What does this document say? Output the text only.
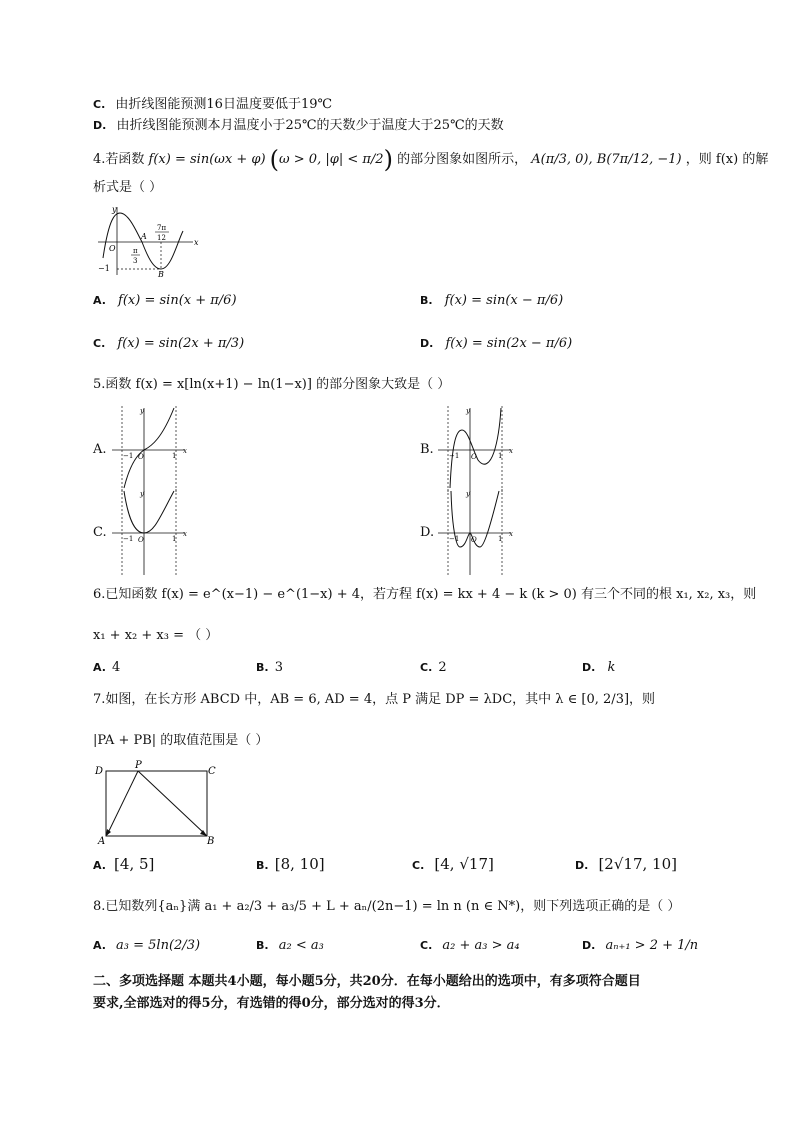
C. 由折线图能预测16日温度要低于19℃
D. 由折线图能预测本月温度小于25℃的天数少于温度大于25℃的天数
4.若函数 f(x) = sin(ωx + φ) (ω > 0, |φ| < π/2) 的部分图象如图所示， A(π/3, 0), B(7π/12, −1) ，则 f(x) 的解
析式是（ ）
y
x
O
A
B
−1
π
3
7π
12
A. f(x) = sin(x + π/6)	B. f(x) = sin(x − π/6)
C. f(x) = sin(2x + π/3)	D. f(x) = sin(2x − π/6)
5.函数 f(x) = x[ln(x+1) − ln(1−x)] 的部分图象大致是（ ）
A.
y
x
O
−1	1	B.
y
x
O
−1	1
C.
y
x
O
−1	1	D.
y
x
O
−1	1
6.已知函数 f(x) = e^(x−1) − e^(1−x) + 4，若方程 f(x) = kx + 4 − k (k > 0) 有三个不同的根 x₁, x₂, x₃，则
x₁ + x₂ + x₃ = （ ）
A. 4	B. 3	C. 2	D. k
7.如图，在长方形 ABCD 中，AB = 6, AD = 4，点 P 满足 DP = λDC，其中 λ ∈ [0, 2/3]，则
|PA + PB| 的取值范围是（ ）
D
P
C
A	B
A. [4, 5]	B. [8, 10]	C. [4, √17]	D. [2√17, 10]
8.已知数列{aₙ}满 a₁ + a₂/3 + a₃/5 + L + aₙ/(2n−1) = ln n (n ∈ N*)，则下列选项正确的是（ ）
A. a₃ = 5ln(2/3)	B. a₂ < a₃	C. a₂ + a₃ > a₄	D. aₙ₊₁ > 2 + 1/n
二、多项选择题 本题共4小题，每小题5分，共20分．在每小题给出的选项中，有多项符合题目
要求,全部选对的得5分，有选错的得0分，部分选对的得3分．
